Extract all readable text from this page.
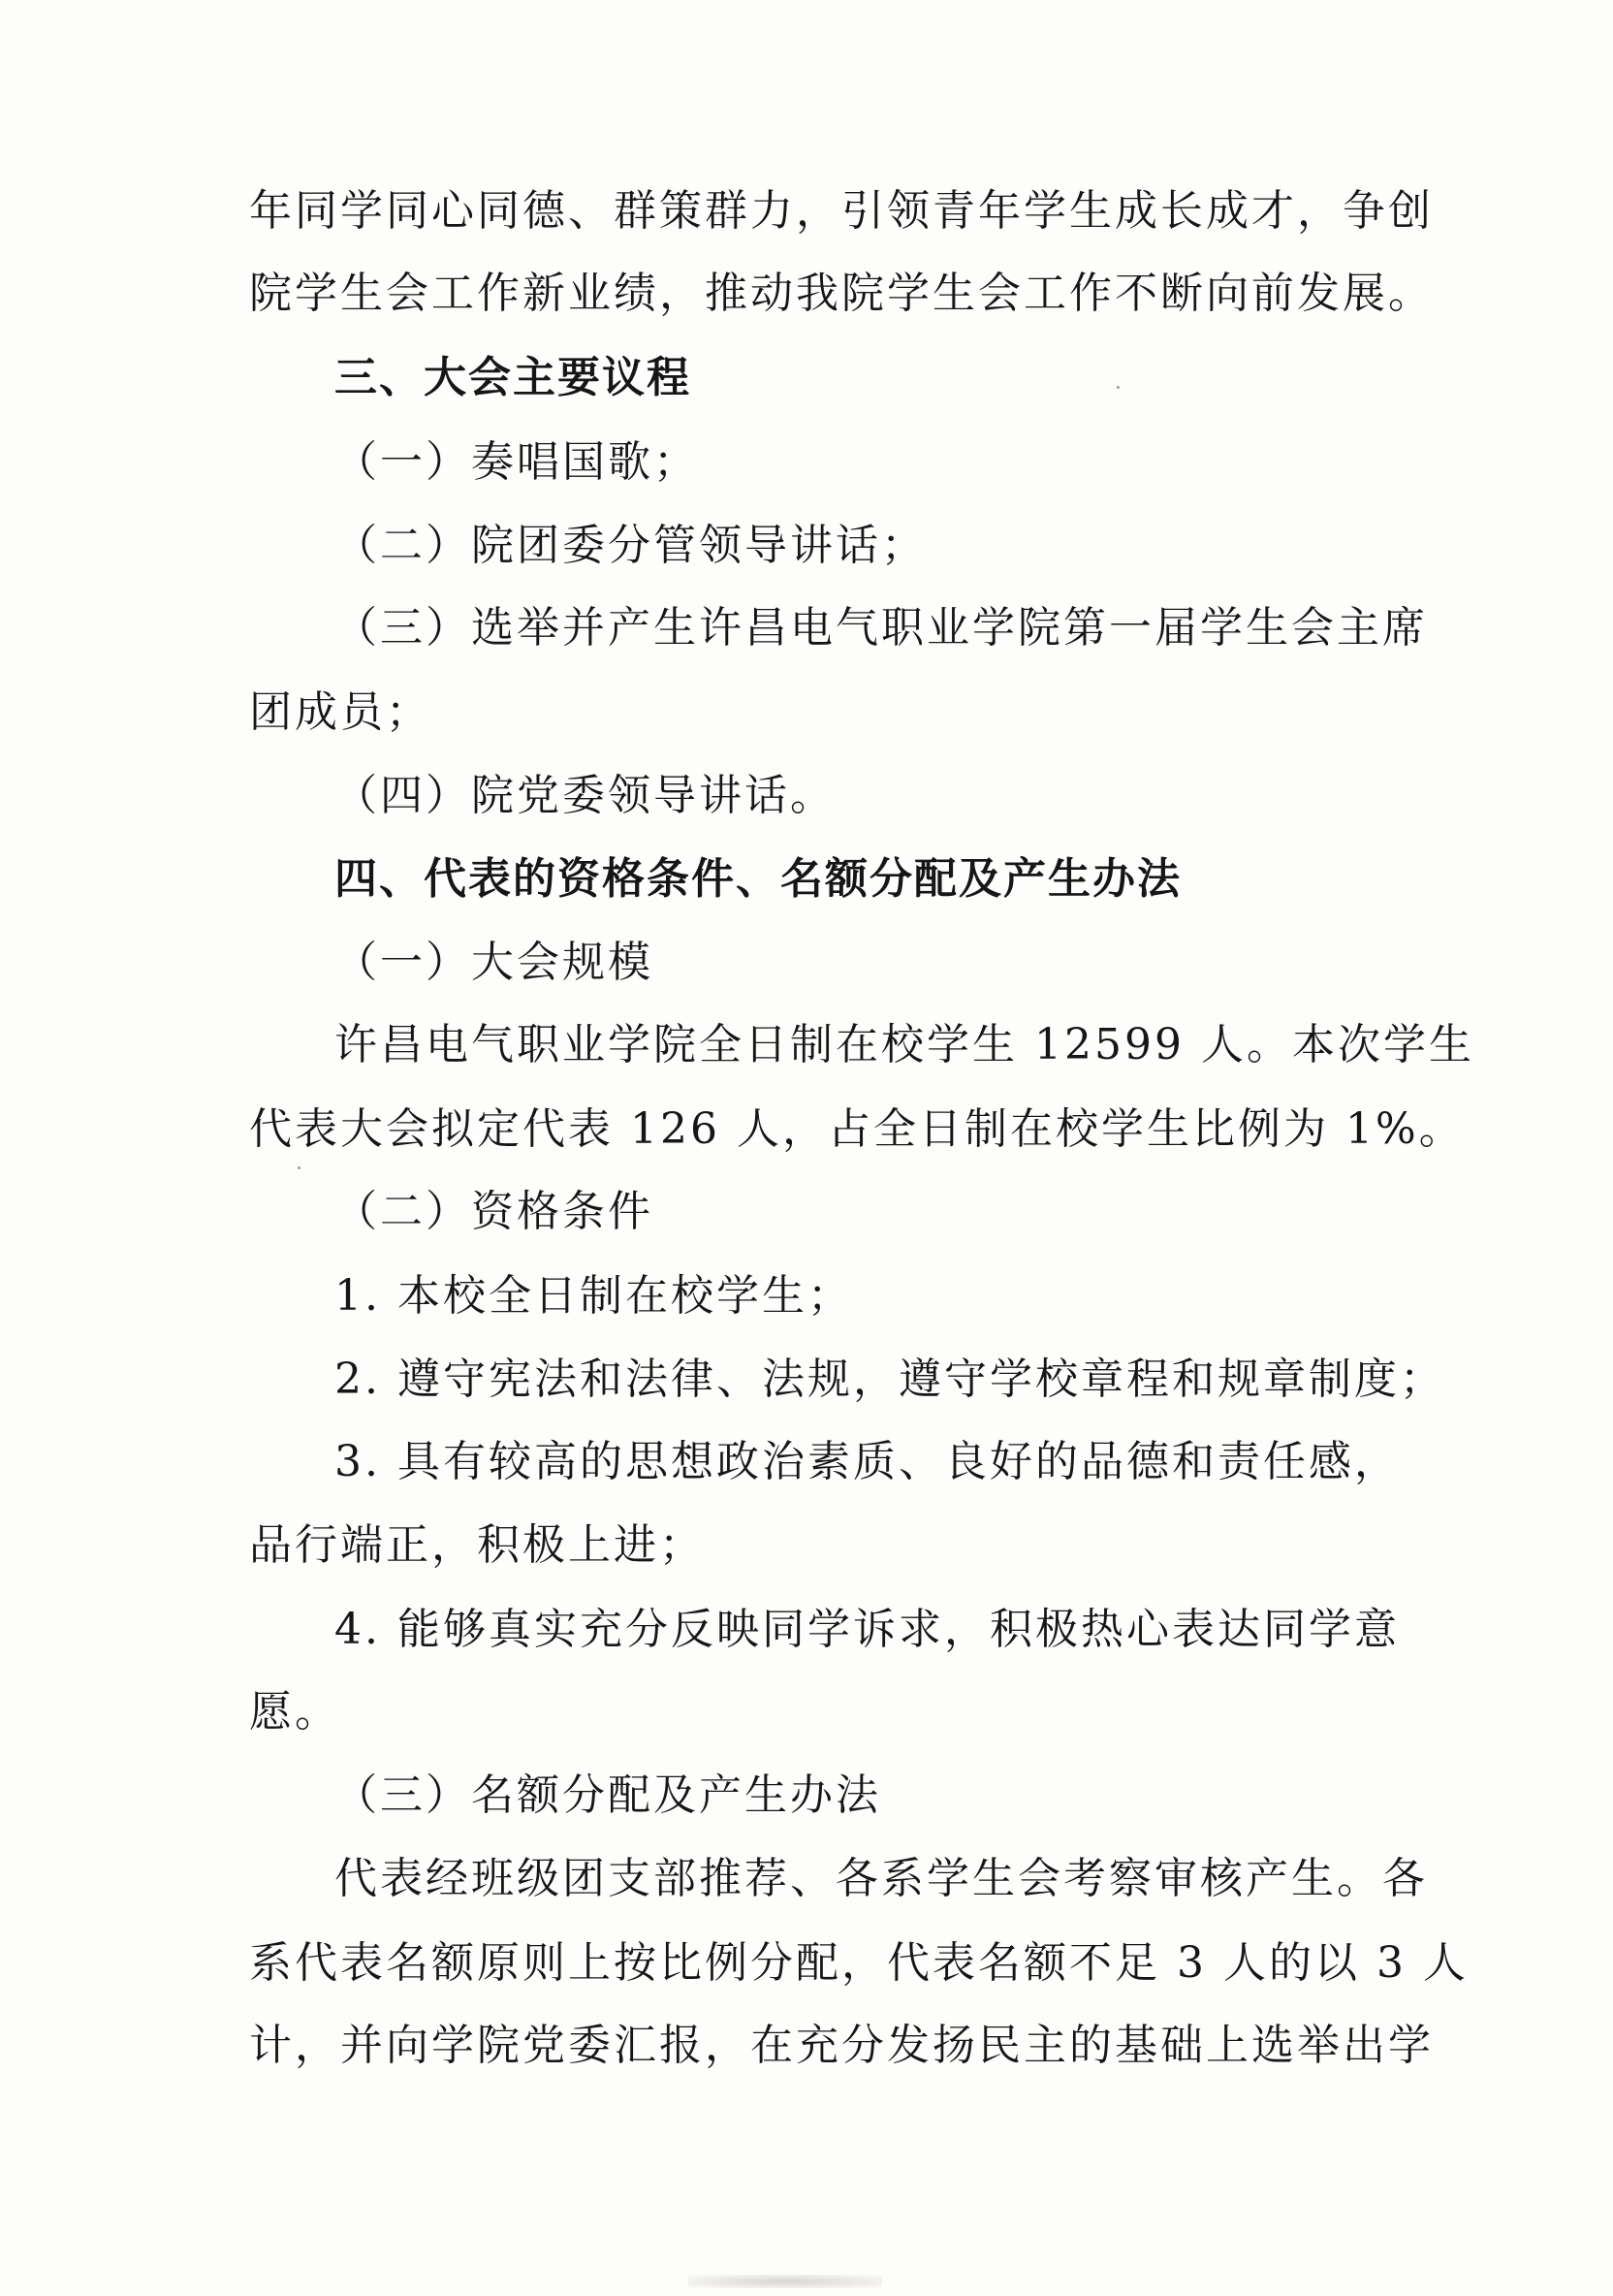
年同学同心同德、群策群力，引领青年学生成长成才，争创
院学生会工作新业绩，推动我院学生会工作不断向前发展。
三、大会主要议程
（一）奏唱国歌；
（二）院团委分管领导讲话；
（三）选举并产生许昌电气职业学院第一届学生会主席
团成员；
（四）院党委领导讲话。
四、代表的资格条件、名额分配及产生办法
（一）大会规模
许昌电气职业学院全日制在校学生 12599 人。本次学生
代表大会拟定代表 126 人，占全日制在校学生比例为 1%。
（二）资格条件
1. 本校全日制在校学生；
2. 遵守宪法和法律、法规，遵守学校章程和规章制度；
3. 具有较高的思想政治素质、良好的品德和责任感，
品行端正，积极上进；
4. 能够真实充分反映同学诉求，积极热心表达同学意
愿。
（三）名额分配及产生办法
代表经班级团支部推荐、各系学生会考察审核产生。各
系代表名额原则上按比例分配，代表名额不足 3 人的以 3 人
计，并向学院党委汇报，在充分发扬民主的基础上选举出学
